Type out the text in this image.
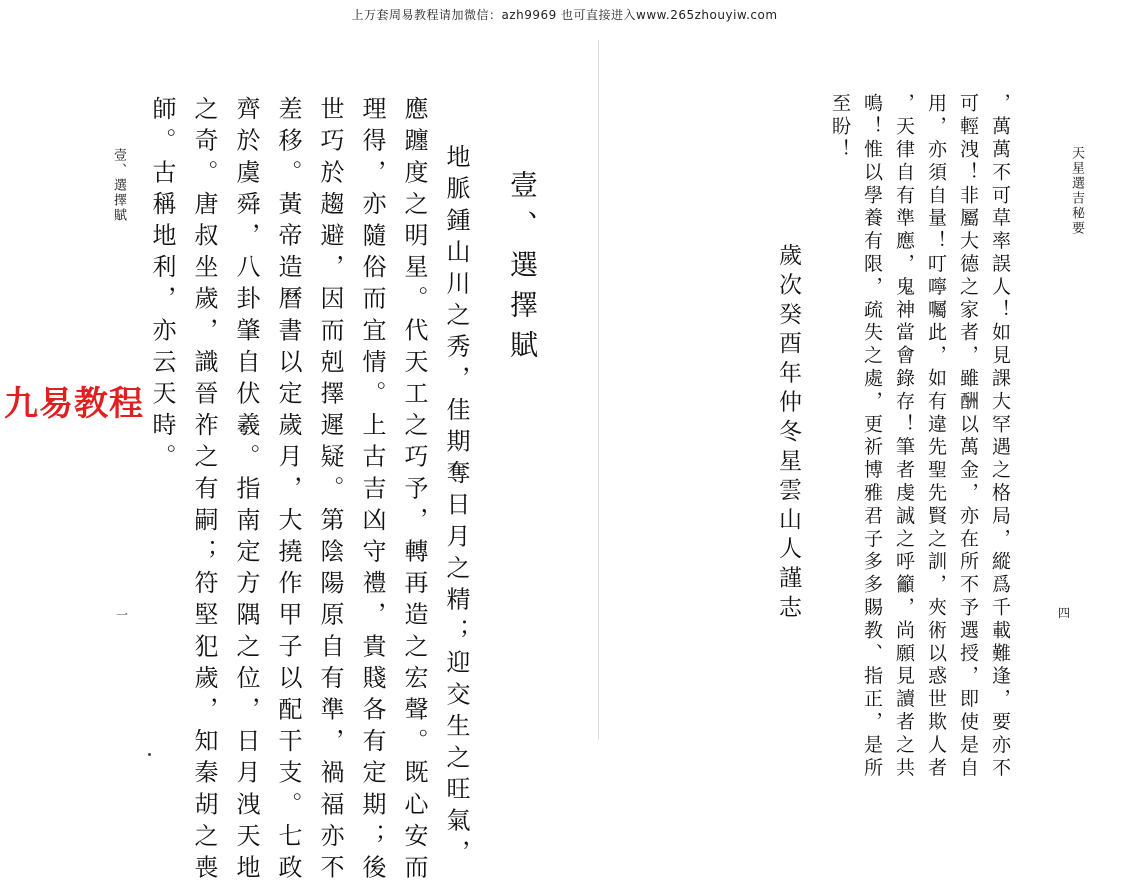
上万套周易教程请加微信：azh9969 也可直接进入www.265zhouyiw.com
九易教程
壹、選擇賦
一
壹、選擇賦
地脈鍾山川之秀，佳期奪日月之精；迎交生之旺氣，
應躔度之明星。代天工之巧予，轉再造之宏聲。既心安而
理得，亦隨俗而宜情。上古吉凶守禮，貴賤各有定期；後
世巧於趨避，因而剋擇遲疑。第陰陽原自有準，禍福亦不
差移。黃帝造曆書以定歲月，大撓作甲子以配干支。七政
齊於虞舜，八卦肇自伏羲。指南定方隅之位，日月洩天地
之奇。唐叔坐歲，識晉祚之有嗣；符堅犯歲，知秦胡之喪
師。古稱地利，亦云天時。	天星選吉秘要
四
，萬萬不可草率誤人！如見課大罕遇之格局，縱爲千載難逢，要亦不
可輕洩！非屬大德之家者，雖酬以萬金，亦在所不予選授，即使是自
用，亦須自量！叮嚀囑此，如有違先聖先賢之訓，夾術以惑世欺人者
，天律自有準應，鬼神當會錄存！筆者虔誠之呼籲，尚願見讀者之共
鳴！惟以學養有限，疏失之處，更祈博雅君子多多賜教、指正，是所
至盼！
歲次癸酉年仲冬星雲山人謹志
